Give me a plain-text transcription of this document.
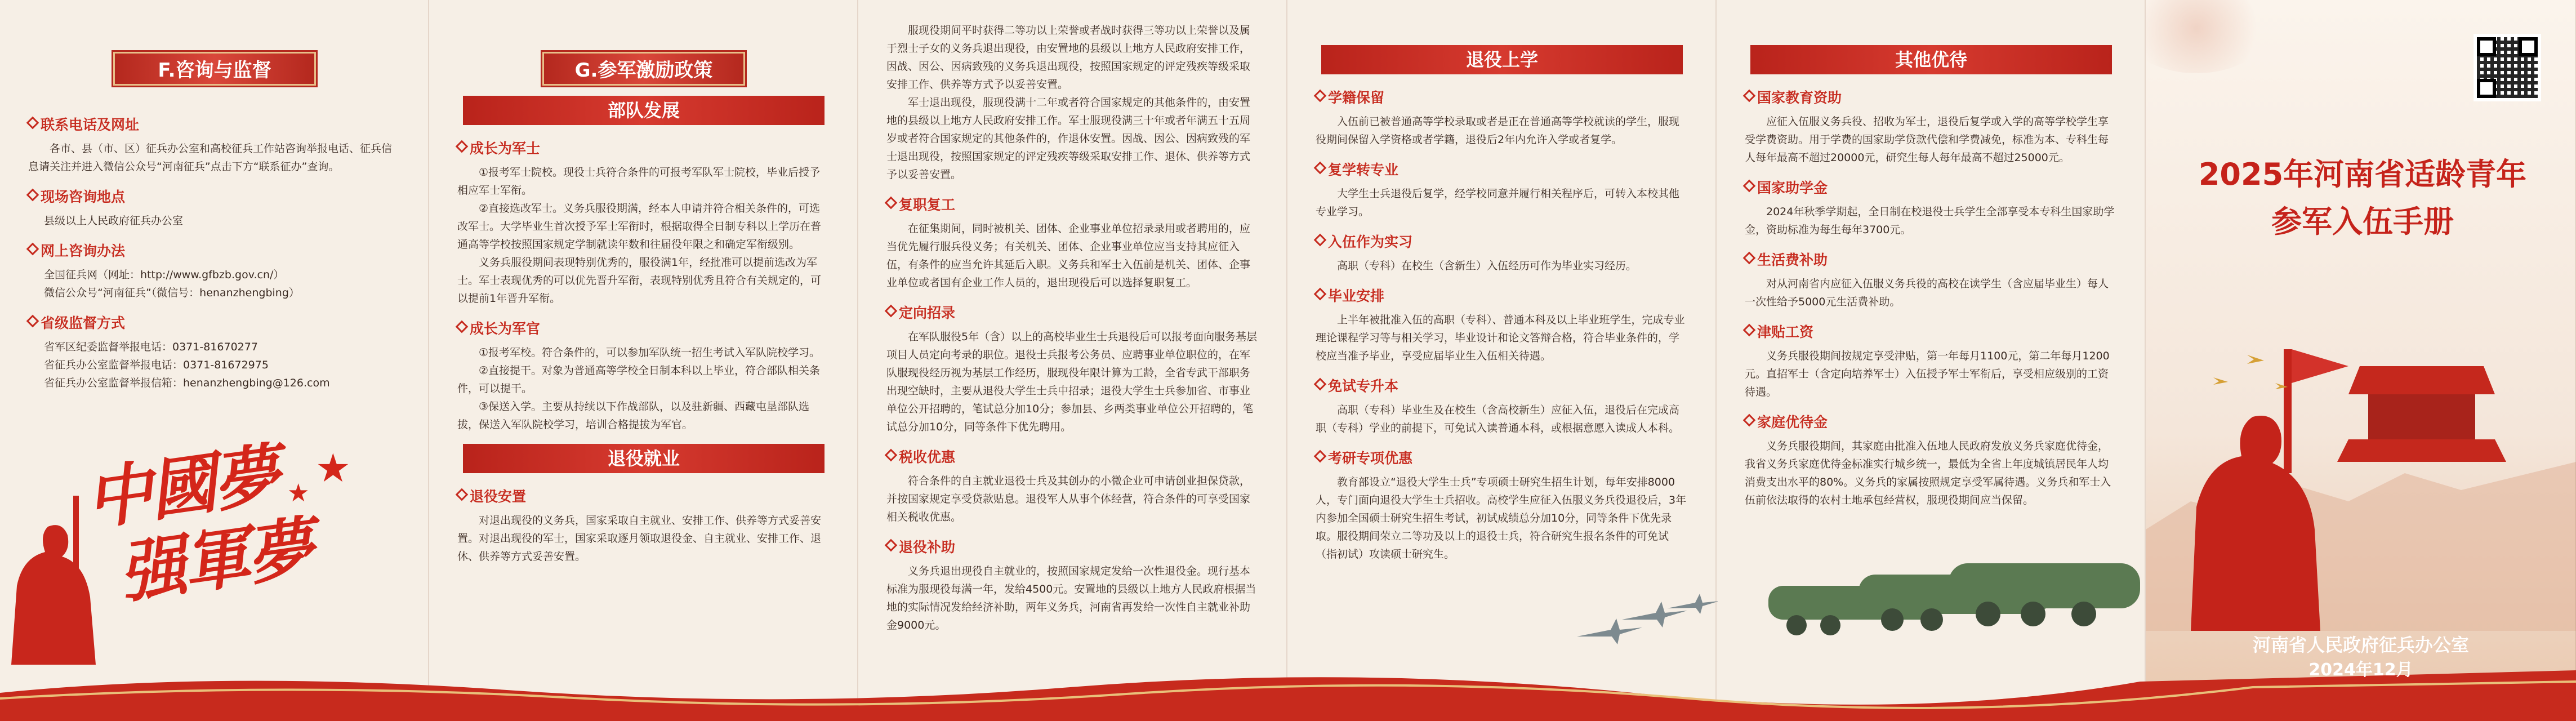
F.咨询与监督
联系电话及网址

各市、县（市、区）征兵办公室和高校征兵工作站咨询举报电话、征兵信息请关注并进入微信公众号“河南征兵”点击下方“联系征办”查询。

现场咨询地点

县级以上人民政府征兵办公室

网上咨询办法

全国征兵网（网址：http://www.gfbzb.gov.cn/）

微信公众号“河南征兵”（微信号：henanzhengbing）

省级监督方式

省军区纪委监督举报电话：0371-81670277

省征兵办公室监督举报电话：0371-81672975

省征兵办公室监督举报信箱：henanzhengbing@126.com

中國夢
强軍夢
★
★
G.参军激励政策
部队发展
成长为军士

①报考军士院校。现役士兵符合条件的可报考军队军士院校，毕业后授予相应军士军衔。

②直接选改军士。义务兵服役期满，经本人申请并符合相关条件的，可选改军士。大学毕业生首次授予军士军衔时，根据取得全日制专科以上学历在普通高等学校按照国家规定学制就读年数和往届役年限之和确定军衔级别。

义务兵服役期间表现特别优秀的，服役满1年，经批准可以提前选改为军士。军士表现优秀的可以优先晋升军衔，表现特别优秀且符合有关规定的，可以提前1年晋升军衔。

成长为军官

①报考军校。符合条件的，可以参加军队统一招生考试入军队院校学习。

②直接提干。对象为普通高等学校全日制本科以上毕业，符合部队相关条件，可以提干。

③保送入学。主要从持续以下作战部队，以及驻新疆、西藏屯垦部队选拔，保送入军队院校学习，培训合格提拔为军官。

退役就业
退役安置

对退出现役的义务兵，国家采取自主就业、安排工作、供养等方式妥善安置。对退出现役的军士，国家采取逐月领取退役金、自主就业、安排工作、退休、供养等方式妥善安置。

服现役期间平时获得二等功以上荣誉或者战时获得三等功以上荣誉以及属于烈士子女的义务兵退出现役，由安置地的县级以上地方人民政府安排工作，因战、因公、因病致残的义务兵退出现役，按照国家规定的评定残疾等级采取安排工作、供养等方式予以妥善安置。

军士退出现役，服现役满十二年或者符合国家规定的其他条件的，由安置地的县级以上地方人民政府安排工作。军士服现役满三十年或者年满五十五周岁或者符合国家规定的其他条件的，作退休安置。因战、因公、因病致残的军士退出现役，按照国家规定的评定残疾等级采取安排工作、退休、供养等方式予以妥善安置。

复职复工

在征集期间，同时被机关、团体、企业事业单位招录录用或者聘用的，应当优先履行服兵役义务；有关机关、团体、企业事业单位应当支持其应征入伍，有条件的应当允许其延后入职。义务兵和军士入伍前是机关、团体、企事业单位或者国有企业工作人员的，退出现役后可以选择复职复工。

定向招录

在军队服役5年（含）以上的高校毕业生士兵退役后可以报考面向服务基层项目人员定向考录的职位。退役士兵报考公务员、应聘事业单位职位的，在军队服现役经历视为基层工作经历，服现役年限计算为工龄，全省专武干部职务出现空缺时，主要从退役大学生士兵中招录；退役大学生士兵参加省、市事业单位公开招聘的，笔试总分加10分；参加县、乡两类事业单位公开招聘的，笔试总分加10分，同等条件下优先聘用。

税收优惠

符合条件的自主就业退役士兵及其创办的小微企业可申请创业担保贷款，并按国家规定享受贷款贴息。退役军人从事个体经营，符合条件的可享受国家相关税收优惠。

退役补助

义务兵退出现役自主就业的，按照国家规定发给一次性退役金。现行基本标准为服现役每满一年，发给4500元。安置地的县级以上地方人民政府根据当地的实际情况发给经济补助，两年义务兵，河南省再发给一次性自主就业补助金9000元。

退役上学
学籍保留

入伍前已被普通高等学校录取或者是正在普通高等学校就读的学生，服现役期间保留入学资格或者学籍，退役后2年内允许入学或者复学。

复学转专业

大学生士兵退役后复学，经学校同意并履行相关程序后，可转入本校其他专业学习。

入伍作为实习

高职（专科）在校生（含新生）入伍经历可作为毕业实习经历。

毕业安排

上半年被批准入伍的高职（专科）、普通本科及以上毕业班学生，完成专业理论课程学习等与相关学习，毕业设计和论文答辩合格，符合毕业条件的，学校应当准予毕业，享受应届毕业生入伍相关待遇。

免试专升本

高职（专科）毕业生及在校生（含高校新生）应征入伍，退役后在完成高职（专科）学业的前提下，可免试入读普通本科，或根据意愿入读成人本科。

考研专项优惠

教育部设立“退役大学生士兵”专项硕士研究生招生计划，每年安排8000人，专门面向退役大学生士兵招收。高校学生应征入伍服义务兵役退役后，3年内参加全国硕士研究生招生考试，初试成绩总分加10分，同等条件下优先录取。服役期间荣立二等功及以上的退役士兵，符合研究生报名条件的可免试（指初试）攻读硕士研究生。

其他优待
国家教育资助

应征入伍服义务兵役、招收为军士，退役后复学或入学的高等学校学生享受学费资助。用于学费的国家助学贷款代偿和学费减免，标准为本、专科生每人每年最高不超过20000元，研究生每人每年最高不超过25000元。

国家助学金

2024年秋季学期起，全日制在校退役士兵学生全部享受本专科生国家助学金，资助标准为每生每年3700元。

生活费补助

对从河南省内应征入伍服义务兵役的高校在读学生（含应届毕业生）每人一次性给予5000元生活费补助。

津贴工资

义务兵服役期间按规定享受津贴，第一年每月1100元，第二年每月1200元。直招军士（含定向培养军士）入伍授予军士军衔后，享受相应级别的工资待遇。

家庭优待金

义务兵服役期间，其家庭由批准入伍地人民政府发放义务兵家庭优待金，我省义务兵家庭优待金标准实行城乡统一，最低为全省上年度城镇居民年人均消费支出水平的80%。义务兵的家属按照规定享受军属待遇。义务兵和军士入伍前依法取得的农村土地承包经营权，服现役期间应当保留。

2025年河南省适龄青年
参军入伍手册
河南省人民政府征兵办公室
2024年12月
